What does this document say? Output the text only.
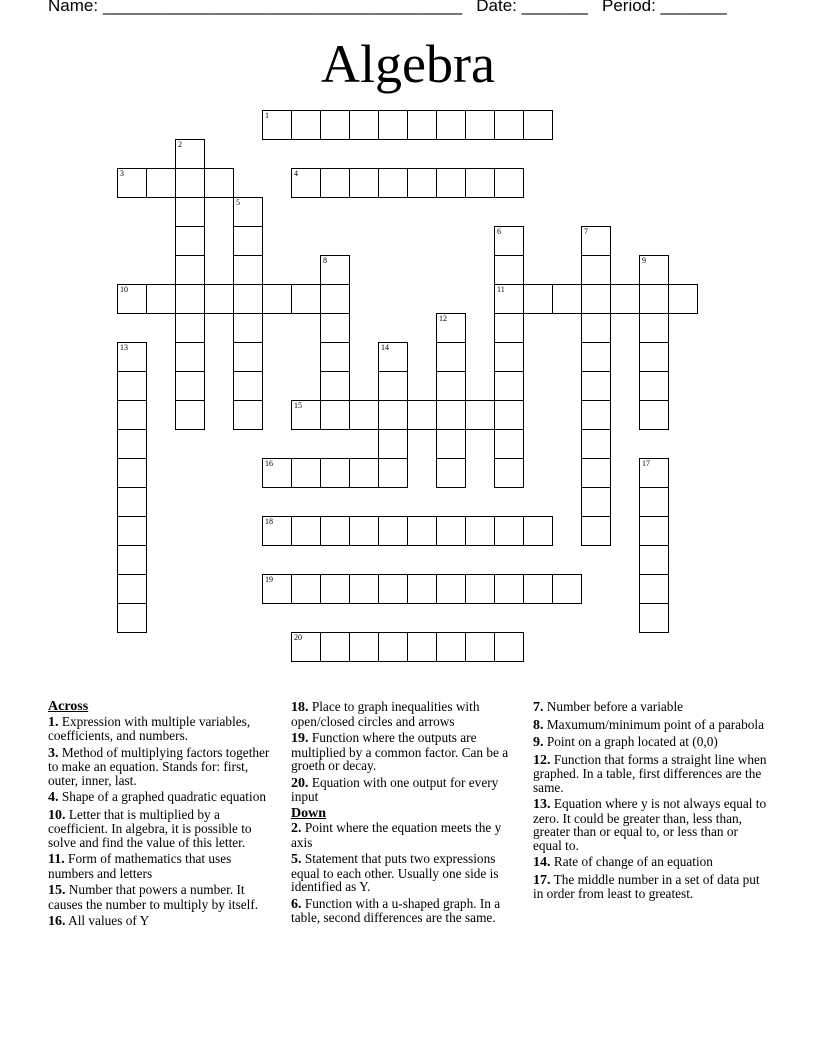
Name: ______________________________________ Date: _______ Period: _______
Algebra
1
2
3	4
5
6
11
7
8	9
10
12
13	14
15
16	17
18
19
20
Across
1. Expression with multiple variables, coefficients, and numbers.
3. Method of multiplying factors together to make an equation. Stands for: first, outer, inner, last.
4. Shape of a graphed quadratic equation
10. Letter that is multiplied by a coefficient. In algebra, it is possible to solve and find the value of this letter.
11. Form of mathematics that uses numbers and letters
15. Number that powers a number. It causes the number to multiply by itself.
16. All values of Y
18. Place to graph inequalities with open/closed circles and arrows
19. Function where the outputs are multiplied by a common factor. Can be a groeth or decay.
20. Equation with one output for every input
Down
2. Point where the equation meets the y axis
5. Statement that puts two expressions equal to each other. Usually one side is identified as Y.
6. Function with a u-shaped graph. In a table, second differences are the same.
7. Number before a variable
8. Maxumum/minimum point of a parabola
9. Point on a graph located at (0,0)
12. Function that forms a straight line when graphed. In a table, first differences are the same.
13. Equation where y is not always equal to zero. It could be greater than, less than, greater than or equal to, or less than or equal to.
14. Rate of change of an equation
17. The middle number in a set of data put in order from least to greatest.
